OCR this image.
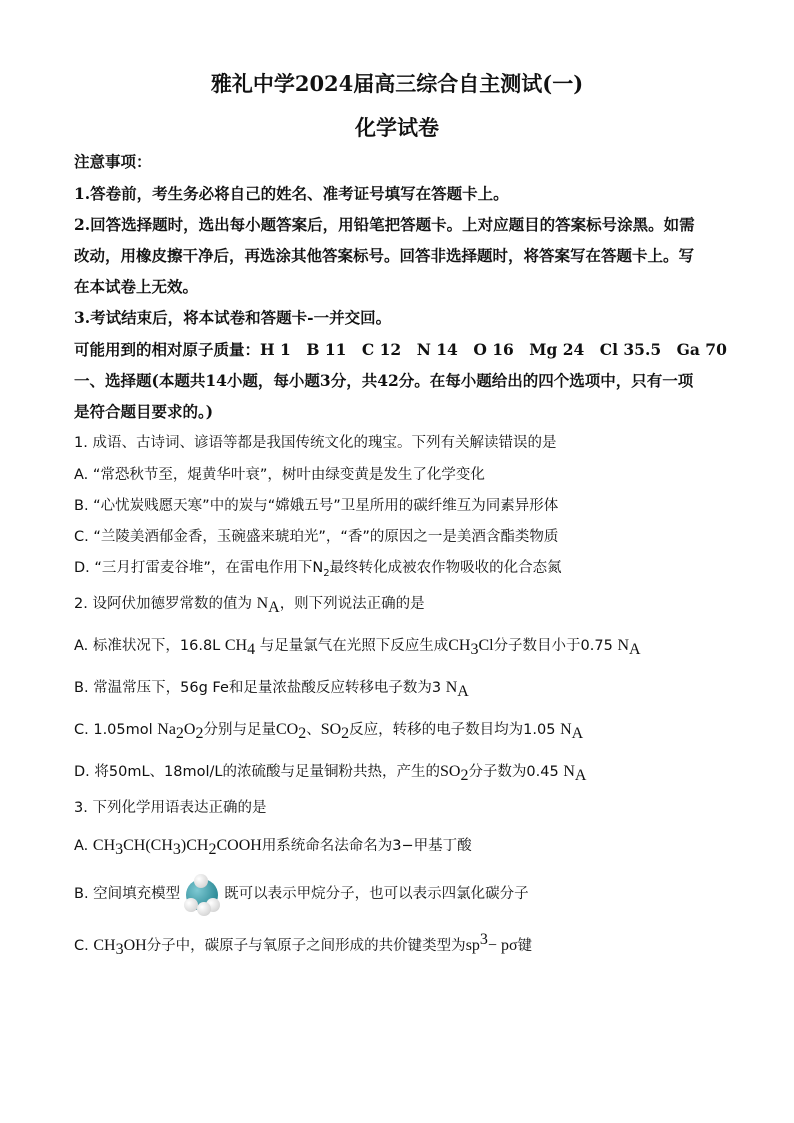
雅礼中学2024届高三综合自主测试(一)
化学试卷
注意事项：
1.答卷前，考生务必将自己的姓名、准考证号填写在答题卡上。
2.回答选择题时，选出每小题答案后，用铅笔把答题卡。上对应题目的答案标号涂黑。如需
改动，用橡皮擦干净后，再选涂其他答案标号。回答非选择题时，将答案写在答题卡上。写
在本试卷上无效。
3.考试结束后，将本试卷和答题卡-一并交回。
可能用到的相对原子质量：H 1　B 11　C 12　N 14　O 16　Mg 24　Cl 35.5　Ga 70
一、选择题(本题共14小题，每小题3分，共42分。在每小题给出的四个选项中，只有一项
是符合题目要求的。)
1. 成语、古诗词、谚语等都是我国传统文化的瑰宝。下列有关解读错误的是
A. “常恐秋节至，焜黄华叶衰”，树叶由绿变黄是发生了化学变化
B. “心忧炭贱愿天寒”中的炭与“嫦娥五号”卫星所用的碳纤维互为同素异形体
C. “兰陵美酒郁金香，玉碗盛来琥珀光”，“香”的原因之一是美酒含酯类物质
D. “三月打雷麦谷堆”，在雷电作用下$N_2$最终转化成被农作物吸收的化合态氮
2. 设阿伏加德罗常数的值为 $N_A$，则下列说法正确的是
A. 标准状况下，16.8L $CH_4$ 与足量氯气在光照下反应生成$CH_3Cl$分子数目小于0.75 $N_A$
B. 常温常压下，56g Fe和足量浓盐酸反应转移电子数为3 $N_A$
C. 1.05mol $Na_2O_2$分别与足量$CO_2$、$SO_2$反应，转移的电子数目均为1.05 $N_A$
D. 将50mL、18mol/L的浓硫酸与足量铜粉共热，产生的$SO_2$分子数为0.45 $N_A$
3. 下列化学用语表达正确的是
A. $CH_3CH(CH_3)CH_2COOH$用系统命名法命名为3−甲基丁酸
B. 空间填充模型	既可以表示甲烷分子，也可以表示四氯化碳分子
C. $CH_3OH$分子中，碳原子与氧原子之间形成的共价键类型为$sp^3- p\sigma$键
